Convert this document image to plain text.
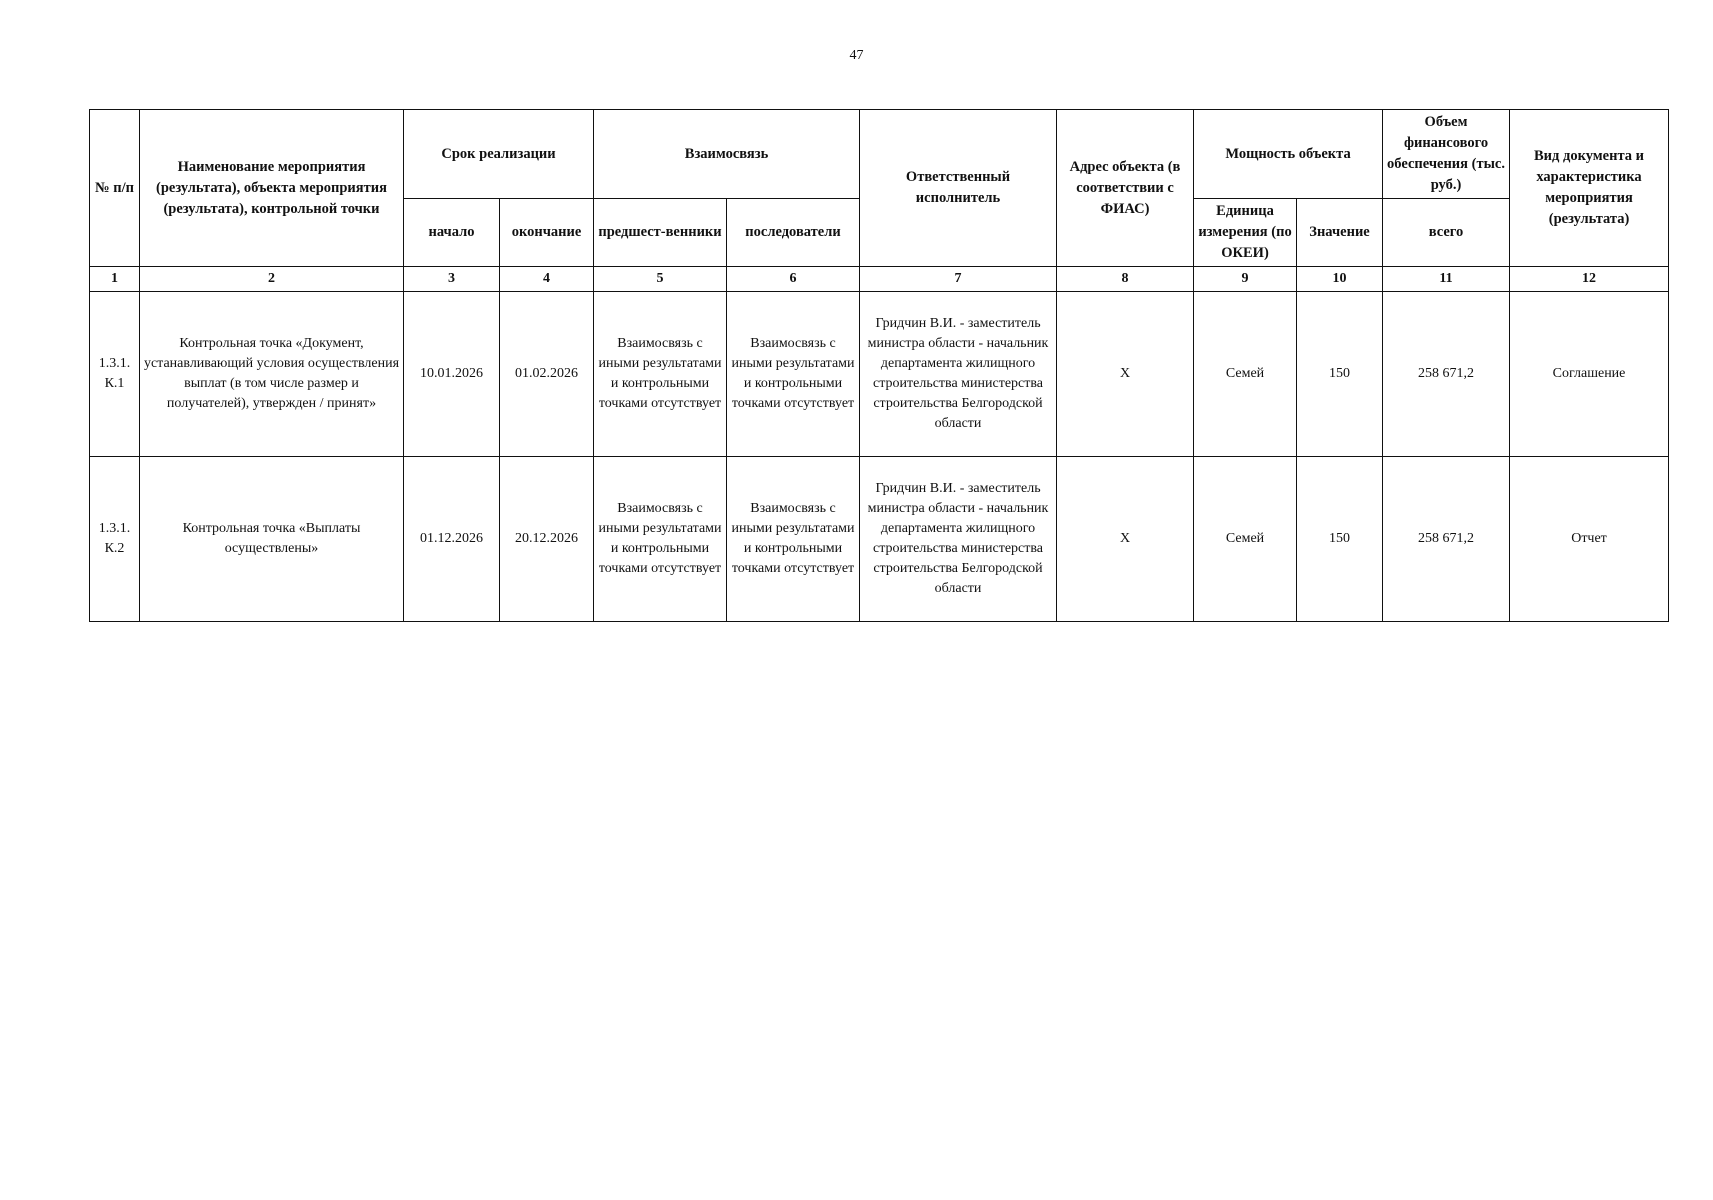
47
№ п/п	Наименование мероприятия (результата), объекта мероприятия (результата), контрольной точки	Срок реализации		Взаимосвязь		Ответственный исполнитель	Адрес объекта (в соответствии с ФИАС)	Мощность объекта		Объем финансового обеспечения (тыс. руб.)	Вид документа и характеристика мероприятия (результата)
		начало	окончание	предшест-венники	последователи			Единица измерения (по ОКЕИ)	Значение	всего	
1	2	3	4	5	6	7	8	9	10	11	12
1.3.1. К.1	Контрольная точка «Документ, устанавливающий условия осуществления выплат (в том числе размер и получателей), утвержден / принят»	10.01.2026	01.02.2026	Взаимосвязь с иными результатами и контрольными точками отсутствует	Взаимосвязь с иными результатами и контрольными точками отсутствует	Гридчин В.И. - заместитель министра области - начальник департамента жилищного строительства министерства строительства Белгородской области	Х	Семей	150	258 671,2	Соглашение
1.3.1. К.2	Контрольная точка «Выплаты осуществлены»	01.12.2026	20.12.2026	Взаимосвязь с иными результатами и контрольными точками отсутствует	Взаимосвязь с иными результатами и контрольными точками отсутствует	Гридчин В.И. - заместитель министра области - начальник департамента жилищного строительства министерства строительства Белгородской области	Х	Семей	150	258 671,2	Отчет
